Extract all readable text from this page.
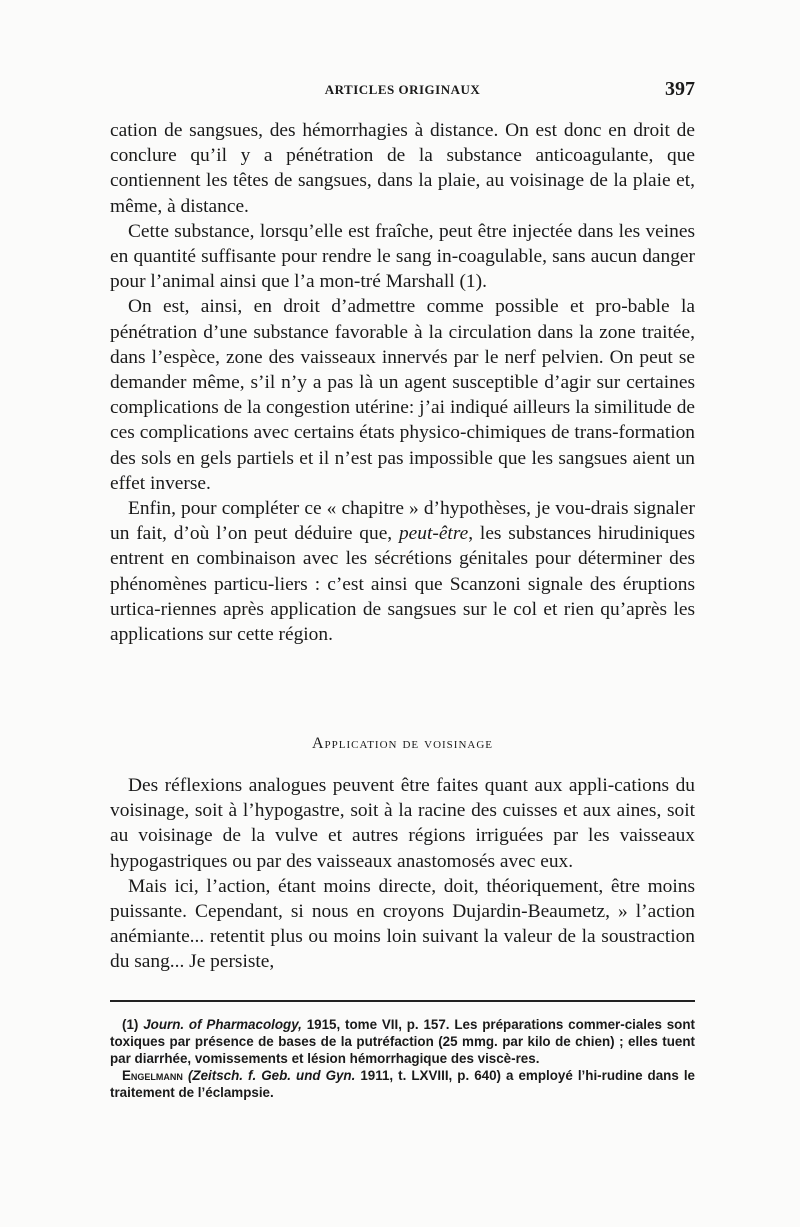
ARTICLES ORIGINAUX	397

cation de sangsues, des hémorrhagies à distance. On est donc en droit de conclure qu’il y a pénétration de la substance anticoagulante, que contiennent les têtes de sangsues, dans la plaie, au voisinage de la plaie et, même, à distance.

Cette substance, lorsqu’elle est fraîche, peut être injectée dans les veines en quantité suffisante pour rendre le sang in-coagulable, sans aucun danger pour l’animal ainsi que l’a mon-tré Marshall (1).

On est, ainsi, en droit d’admettre comme possible et pro-bable la pénétration d’une substance favorable à la circulation dans la zone traitée, dans l’espèce, zone des vaisseaux innervés par le nerf pelvien. On peut se demander même, s’il n’y a pas là un agent susceptible d’agir sur certaines complications de la congestion utérine: j’ai indiqué ailleurs la similitude de ces complications avec certains états physico-chimiques de trans-formation des sols en gels partiels et il n’est pas impossible que les sangsues aient un effet inverse.

Enfin, pour compléter ce « chapitre » d’hypothèses, je vou-drais signaler un fait, d’où l’on peut déduire que, peut-être, les substances hirudiniques entrent en combinaison avec les sécrétions génitales pour déterminer des phénomènes particu-liers : c’est ainsi que Scanzoni signale des éruptions urtica-riennes après application de sangsues sur le col et rien qu’après les applications sur cette région.

Application de voisinage

Des réflexions analogues peuvent être faites quant aux appli-cations du voisinage, soit à l’hypogastre, soit à la racine des cuisses et aux aines, soit au voisinage de la vulve et autres régions irriguées par les vaisseaux hypogastriques ou par des vaisseaux anastomosés avec eux.

Mais ici, l’action, étant moins directe, doit, théoriquement, être moins puissante. Cependant, si nous en croyons Dujardin-Beaumetz, » l’action anémiante... retentit plus ou moins loin suivant la valeur de la soustraction du sang... Je persiste,

(1) Journ. of Pharmacology, 1915, tome VII, p. 157. Les préparations commer-ciales sont toxiques par présence de bases de la putréfaction (25 mmg. par kilo de chien) ; elles tuent par diarrhée, vomissements et lésion hémorrhagique des viscè-res.

Engelmann (Zeitsch. f. Geb. und Gyn. 1911, t. LXVIII, p. 640) a employé l’hi-rudine dans le traitement de l’éclampsie.
